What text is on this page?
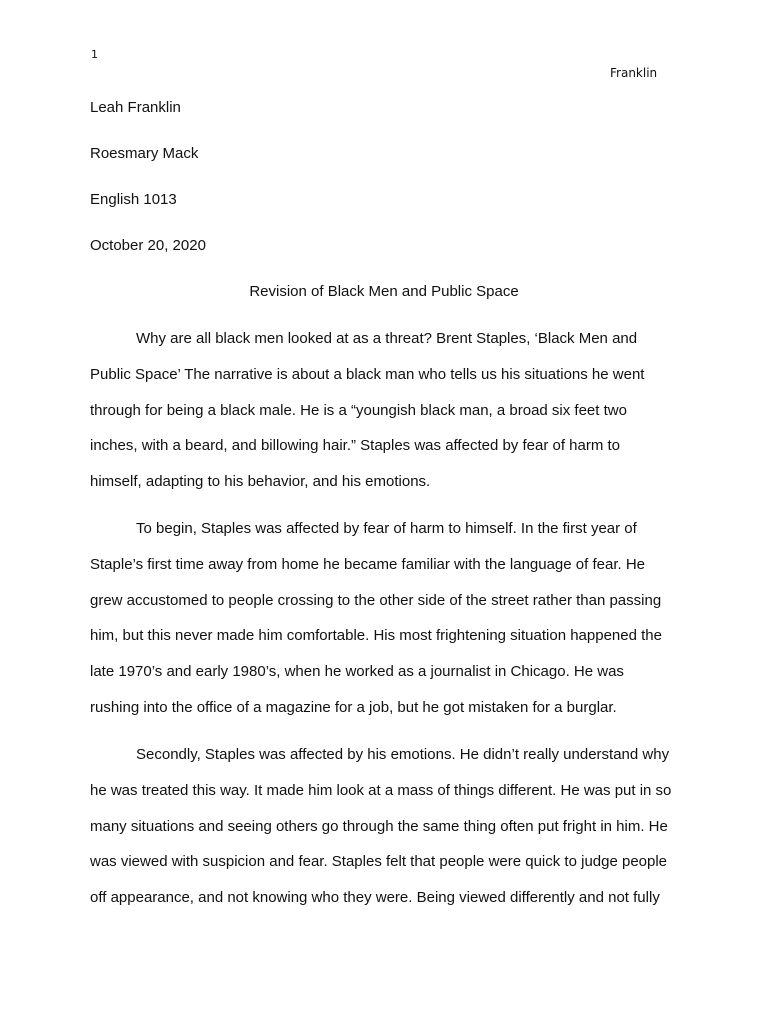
1
Franklin
Leah Franklin
Roesmary Mack
English 1013
October 20, 2020
Revision of Black Men and Public Space
Why are all black men looked at as a threat? Brent Staples, ‘Black Men and
Public Space’ The narrative is about a black man who tells us his situations he went
through for being a black male. He is a “youngish black man, a broad six feet two
inches, with a beard, and billowing hair.” Staples was affected by fear of harm to
himself, adapting to his behavior, and his emotions.
To begin, Staples was affected by fear of harm to himself. In the first year of
Staple’s first time away from home he became familiar with the language of fear. He
grew accustomed to people crossing to the other side of the street rather than passing
him, but this never made him comfortable. His most frightening situation happened the
late 1970’s and early 1980’s, when he worked as a journalist in Chicago. He was
rushing into the office of a magazine for a job, but he got mistaken for a burglar.
Secondly, Staples was affected by his emotions. He didn’t really understand why
he was treated this way. It made him look at a mass of things different. He was put in so
many situations and seeing others go through the same thing often put fright in him. He
was viewed with suspicion and fear. Staples felt that people were quick to judge people
off appearance, and not knowing who they were. Being viewed differently and not fully
